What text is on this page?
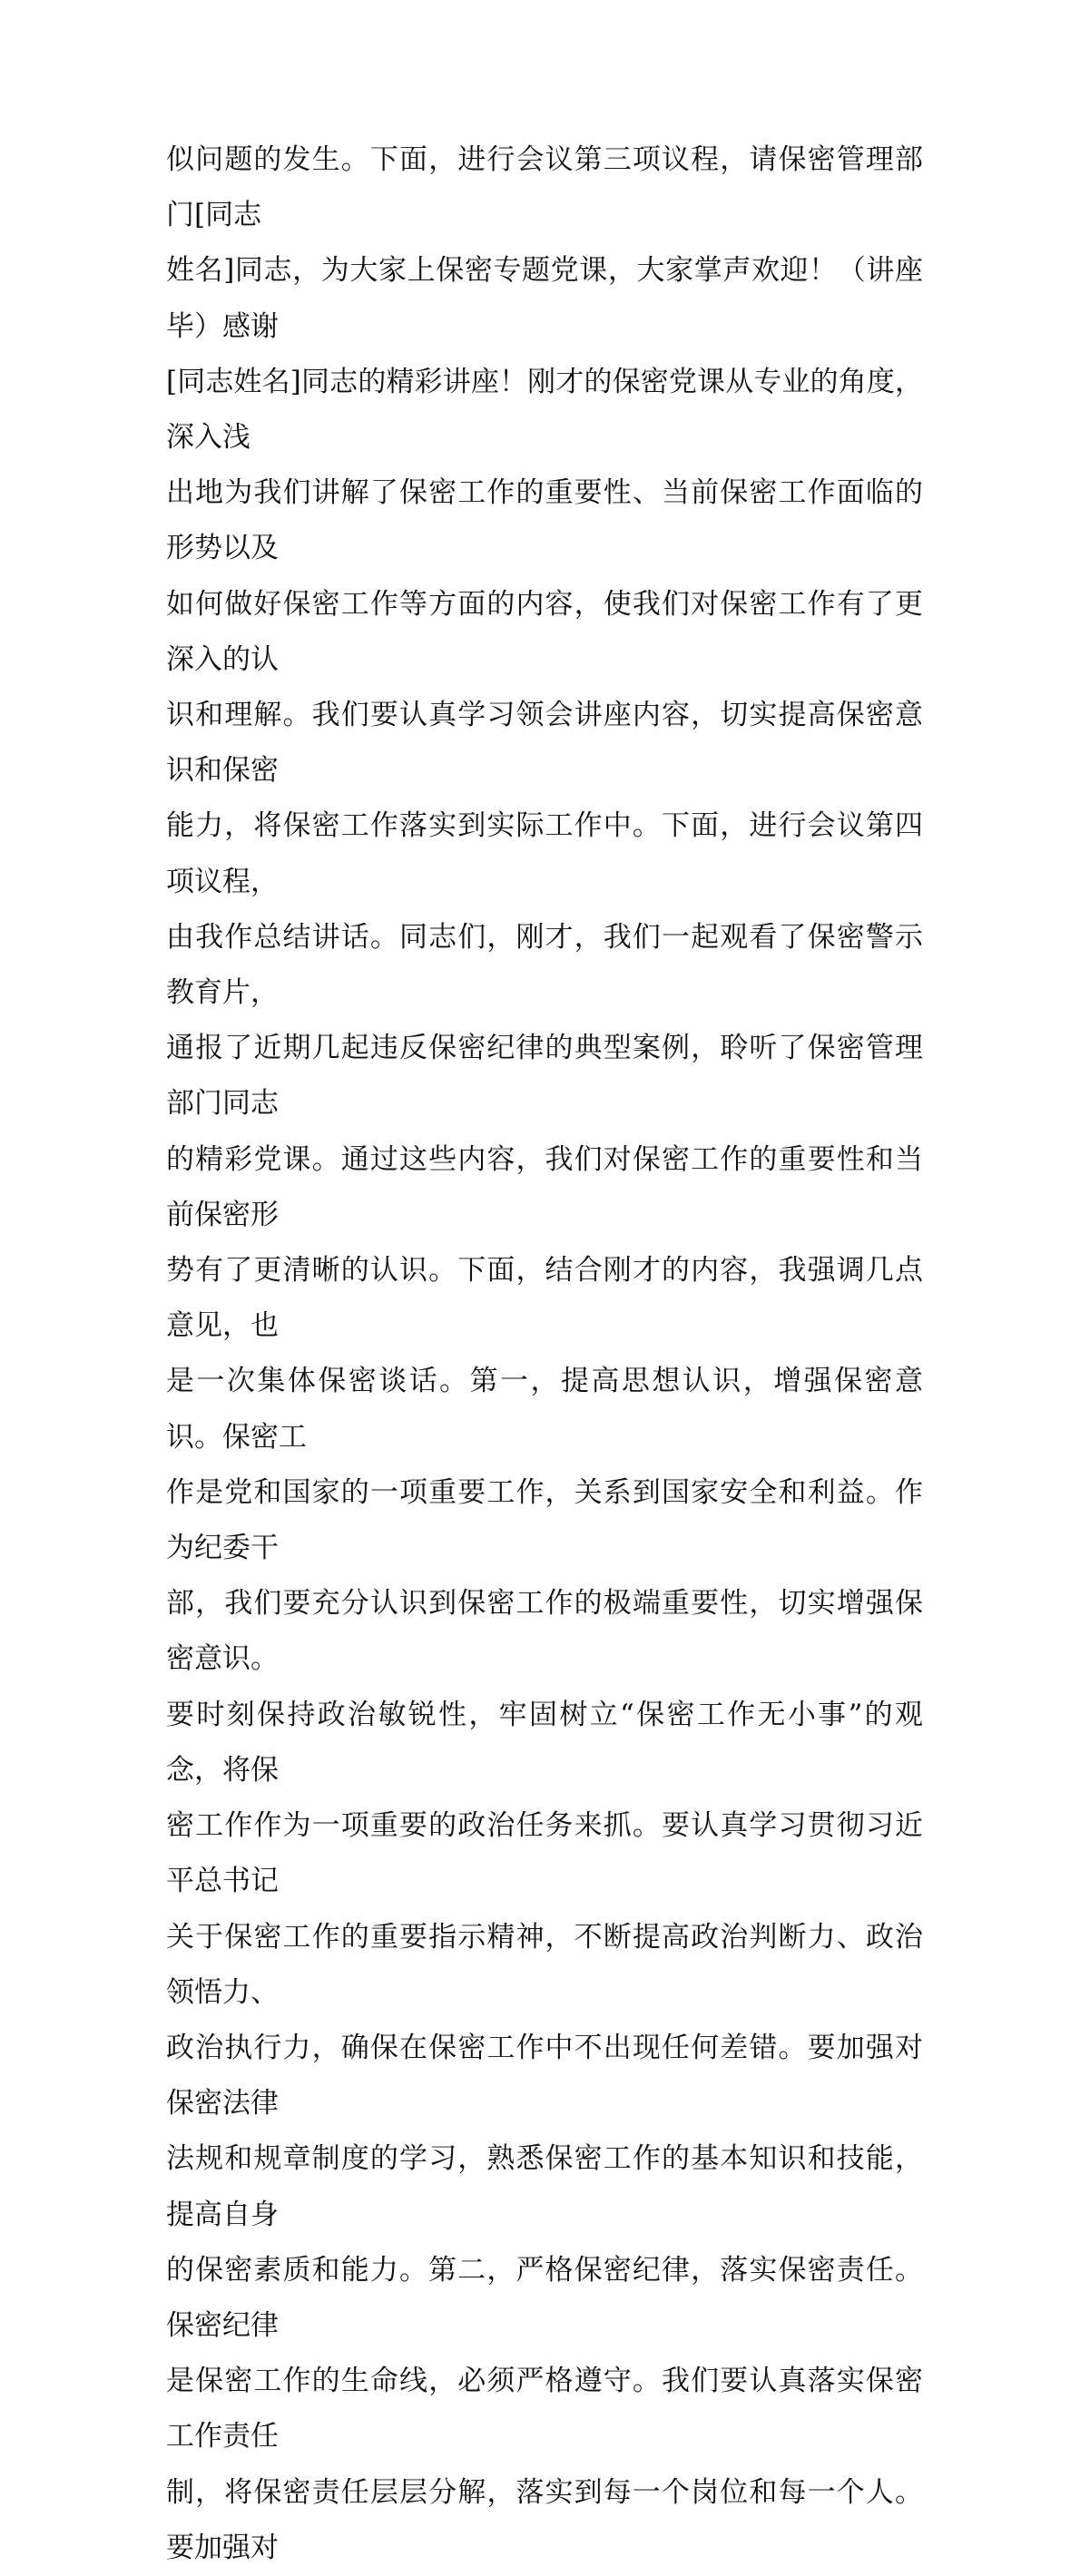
似问题的发生。下面，进行会议第三项议程，请保密管理部门[同志
姓名]同志，为大家上保密专题党课，大家掌声欢迎！（讲座毕）感谢
[同志姓名]同志的精彩讲座！刚才的保密党课从专业的角度，深入浅
出地为我们讲解了保密工作的重要性、当前保密工作面临的形势以及
如何做好保密工作等方面的内容，使我们对保密工作有了更深入的认
识和理解。我们要认真学习领会讲座内容，切实提高保密意识和保密
能力，将保密工作落实到实际工作中。下面，进行会议第四项议程，
由我作总结讲话。同志们，刚才，我们一起观看了保密警示教育片，
通报了近期几起违反保密纪律的典型案例，聆听了保密管理部门同志
的精彩党课。通过这些内容，我们对保密工作的重要性和当前保密形
势有了更清晰的认识。下面，结合刚才的内容，我强调几点意见，也
是一次集体保密谈话。第一，提高思想认识，增强保密意识。保密工
作是党和国家的一项重要工作，关系到国家安全和利益。作为纪委干
部，我们要充分认识到保密工作的极端重要性，切实增强保密意识。
要时刻保持政治敏锐性，牢固树立“保密工作无小事”的观念，将保
密工作作为一项重要的政治任务来抓。要认真学习贯彻习近平总书记
关于保密工作的重要指示精神，不断提高政治判断力、政治领悟力、
政治执行力，确保在保密工作中不出现任何差错。要加强对保密法律
法规和规章制度的学习，熟悉保密工作的基本知识和技能，提高自身
的保密素质和能力。第二，严格保密纪律，落实保密责任。保密纪律
是保密工作的生命线，必须严格遵守。我们要认真落实保密工作责任
制，将保密责任层层分解，落实到每一个岗位和每一个人。要加强对
